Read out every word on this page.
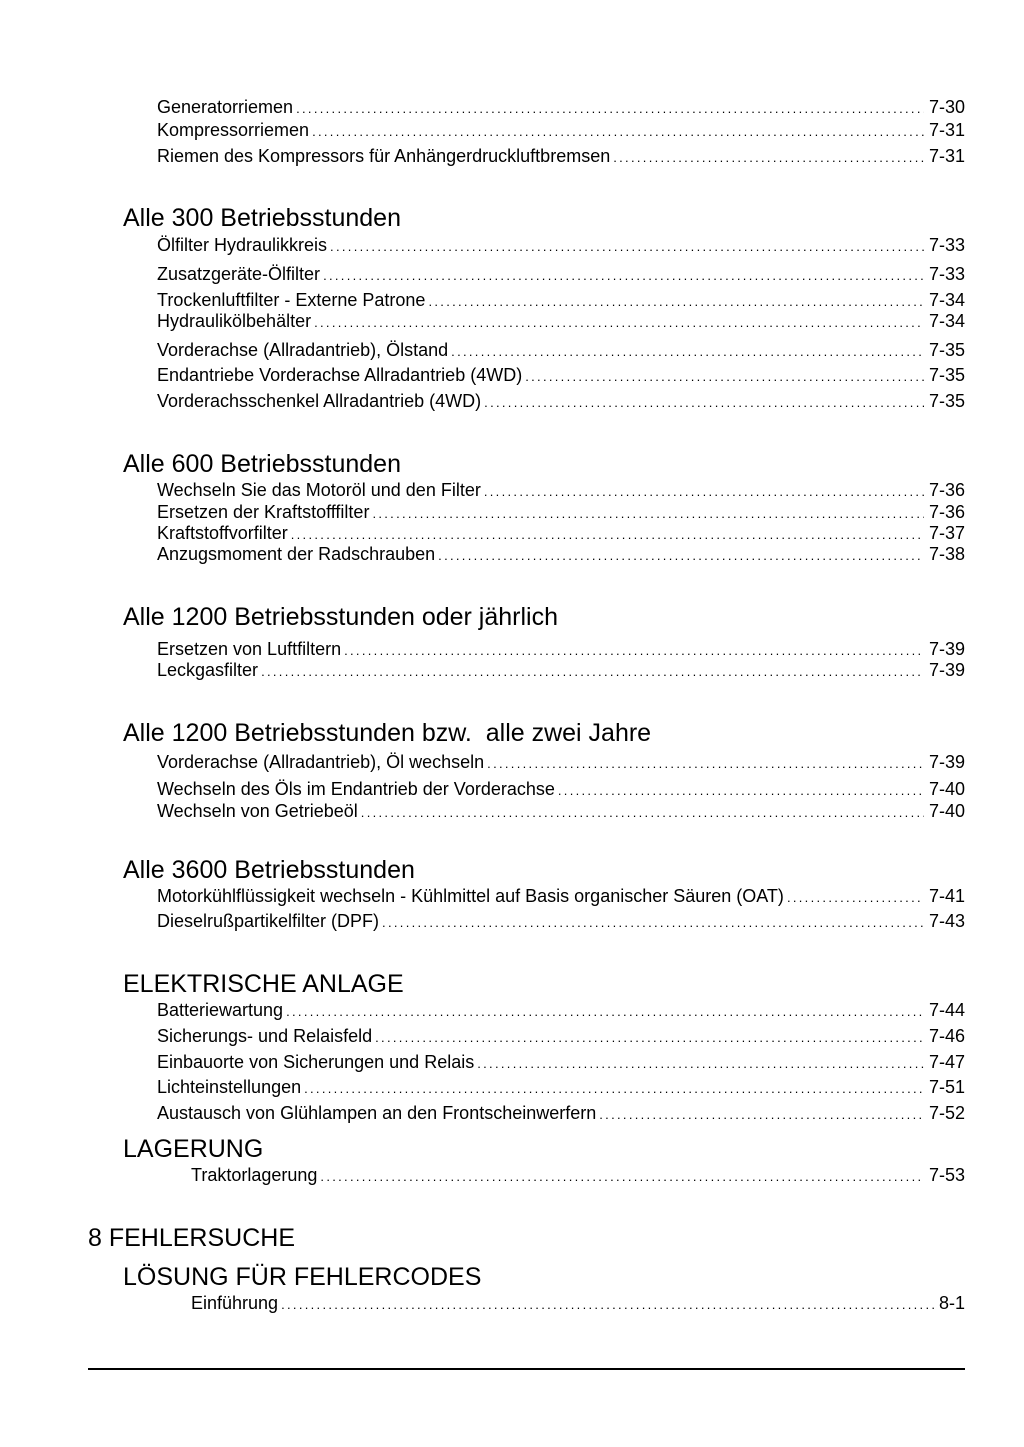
Generatorriemen .....	7-30
Kompressorriemen .....	7-31
Riemen des Kompressors für Anhängerdruckluftbremsen .....	7-31
Alle 300 Betriebsstunden
Ölfilter Hydraulikkreis .....	7-33
Zusatzgeräte-Ölfilter .....	7-33
Trockenluftfilter - Externe Patrone .....	7-34
Hydraulikölbehälter .....	7-34
Vorderachse (Allradantrieb), Ölstand .....	7-35
Endantriebe Vorderachse Allradantrieb (4WD) .....	7-35
Vorderachsschenkel Allradantrieb (4WD) .....	7-35
Alle 600 Betriebsstunden
Wechseln Sie das Motoröl und den Filter .....	7-36
Ersetzen der Kraftstofffilter .....	7-36
Kraftstoffvorfilter .....	7-37
Anzugsmoment der Radschrauben .....	7-38
Alle 1200 Betriebsstunden oder jährlich
Ersetzen von Luftfiltern .....	7-39
Leckgasfilter .....	7-39
Alle 1200 Betriebsstunden bzw.  alle zwei Jahre
Vorderachse (Allradantrieb), Öl wechseln .....	7-39
Wechseln des Öls im Endantrieb der Vorderachse .....	7-40
Wechseln von Getriebeöl .....	7-40
Alle 3600 Betriebsstunden
Motorkühlflüssigkeit wechseln - Kühlmittel auf Basis organischer Säuren (OAT) .....	7-41
Dieselrußpartikelfilter (DPF) .....	7-43
ELEKTRISCHE ANLAGE
Batteriewartung .....	7-44
Sicherungs- und Relaisfeld .....	7-46
Einbauorte von Sicherungen und Relais .....	7-47
Lichteinstellungen .....	7-51
Austausch von Glühlampen an den Frontscheinwerfern .....	7-52
LAGERUNG
Traktorlagerung .....	7-53
8 FEHLERSUCHE
LÖSUNG FÜR FEHLERCODES
Einführung .....	8-1
